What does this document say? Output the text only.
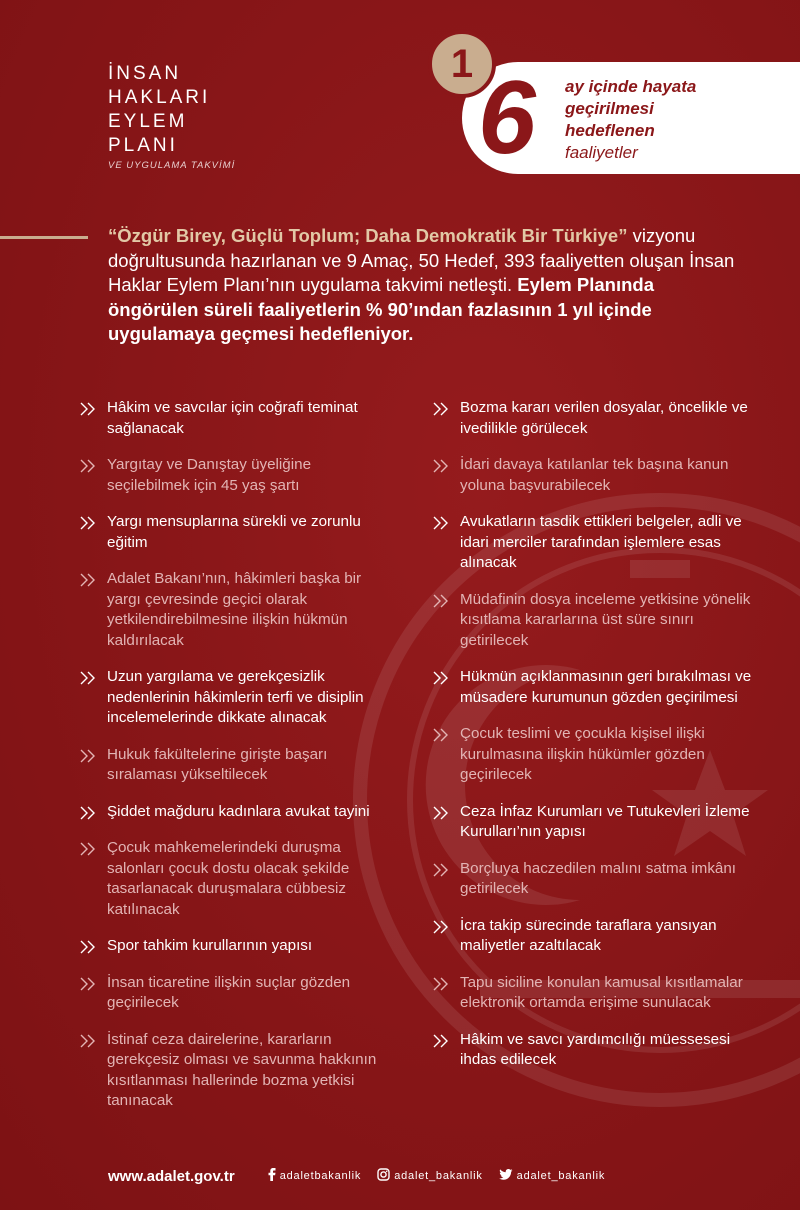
İNSAN
HAKLARI
EYLEM
PLANI
VE UYGULAMA TAKVİMİ
1 6 ay içinde hayata
geçirilmesi
hedeflenen
faaliyetler
“Özgür Birey, Güçlü Toplum; Daha Demokratik Bir Türkiye” vizyonu doğrultusunda hazırlanan ve 9 Amaç, 50 Hedef, 393 faaliyetten oluşan İnsan Haklar Eylem Planı’nın uygulama takvimi netleşti. Eylem Planında öngörülen süreli faaliyetlerin % 90’ından fazlasının 1 yıl içinde uygulamaya geçmesi hedefleniyor.
Hâkim ve savcılar için coğrafi teminat sağlanacak
Yargıtay ve Danıştay üyeliğine seçilebilmek için 45 yaş şartı
Yargı mensuplarına sürekli ve zorunlu eğitim
Adalet Bakanı’nın, hâkimleri başka bir yargı çevresinde geçici olarak yetkilendirebilmesine ilişkin hükmün kaldırılacak
Uzun yargılama ve gerekçesizlik nedenlerinin hâkimlerin terfi ve disiplin incelemelerinde dikkate alınacak
Hukuk fakültelerine girişte başarı sıralaması yükseltilecek
Şiddet mağduru kadınlara avukat tayini
Çocuk mahkemelerindeki duruşma salonları çocuk dostu olacak şekilde tasarlanacak duruşmalara cübbesiz katılınacak
Spor tahkim kurullarının yapısı
İnsan ticaretine ilişkin suçlar gözden geçirilecek
İstinaf ceza dairelerine, kararların gerekçesiz olması ve savunma hakkının kısıtlanması hallerinde bozma yetkisi tanınacak
Bozma kararı verilen dosyalar, öncelikle ve ivedilikle görülecek
İdari davaya katılanlar tek başına kanun yoluna başvurabilecek
Avukatların tasdik ettikleri belgeler, adli ve idari merciler tarafından işlemlere esas alınacak
Müdafinin dosya inceleme yetkisine yönelik kısıtlama kararlarına üst süre sınırı getirilecek
Hükmün açıklanmasının geri bırakılması ve müsadere kurumunun gözden geçirilmesi
Çocuk teslimi ve çocukla kişisel ilişki kurulmasına ilişkin hükümler gözden geçirilecek
Ceza İnfaz Kurumları ve Tutukevleri İzleme Kurulları’nın yapısı
Borçluya haczedilen malını satma imkânı getirilecek
İcra takip sürecinde taraflara yansıyan maliyetler azaltılacak
Tapu siciline konulan kamusal kısıtlamalar elektronik ortamda erişime sunulacak
Hâkim ve savcı yardımcılığı müessesesi ihdas edilecek
www.adalet.gov.tr	adaletbakanlik	adalet_bakanlik	adalet_bakanlik
